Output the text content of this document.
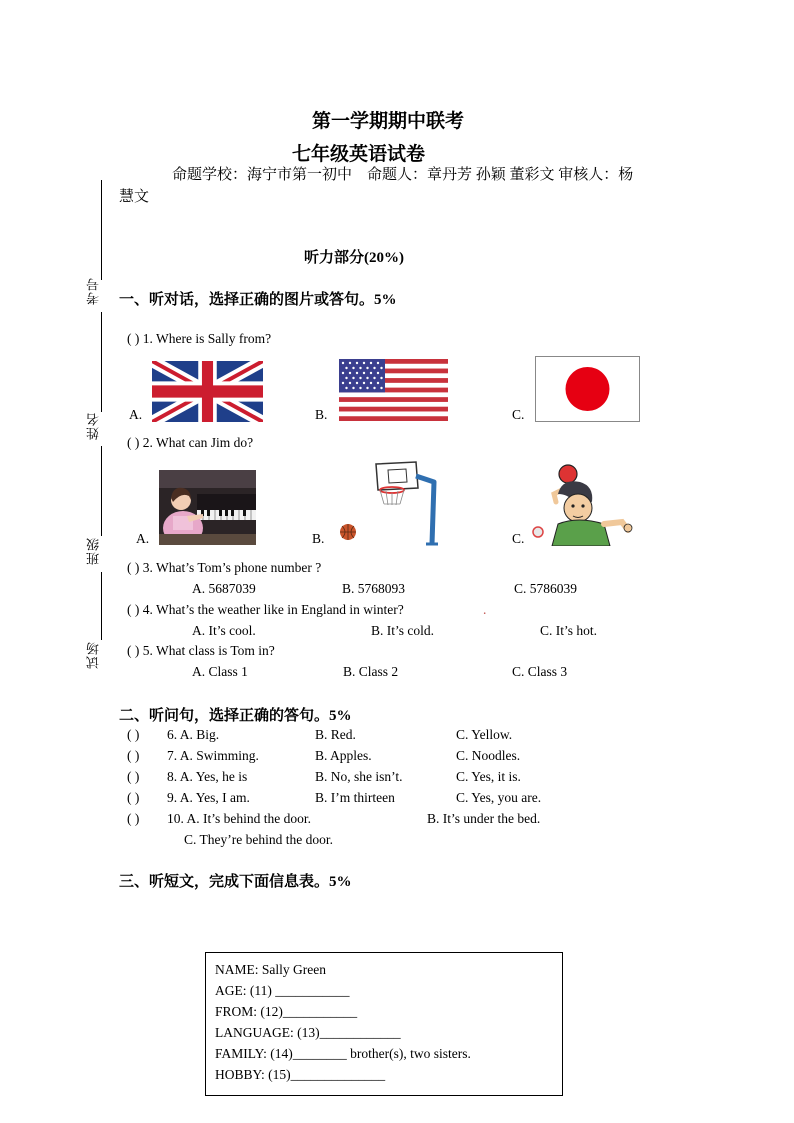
第一学期期中联考
七年级英语试卷
命题学校：海宁市第一初中　命题人：章丹芳 孙颖 董彩文 审核人：杨
慧文
考号
姓名
班级
试场
听力部分(20%)
一、听对话，选择正确的图片或答句。5%
( ) 1. Where is Sally from?
A.	B.	C.
( ) 2. What can Jim do?
A.	B.	C.
( ) 3. What’s Tom’s phone number ?
A. 5687039	B. 5768093	C. 5786039
( ) 4. What’s the weather like in England in winter?	.
A. It’s cool.	B. It’s cold.	C. It’s hot.
( ) 5. What class is Tom in?
A. Class 1	B. Class 2	C. Class 3
二、听问句，选择正确的答句。5%
( ) 6. A. Big.	B. Red.	C. Yellow.
( ) 7. A. Swimming.	B. Apples.	C. Noodles.
( ) 8. A. Yes, he is	B. No, she isn’t.	C. Yes, it is.
( ) 9. A. Yes, I am.	B. I’m thirteen	C. Yes, you are.
( ) 10. A. It’s behind the door.	B. It’s under the bed.
C. They’re behind the door.
三、听短文，完成下面信息表。5%
NAME: Sally Green
AGE: (11) ___________
FROM: (12)___________
LANGUAGE: (13)____________
FAMILY: (14)________ brother(s), two sisters.
HOBBY: (15)______________
